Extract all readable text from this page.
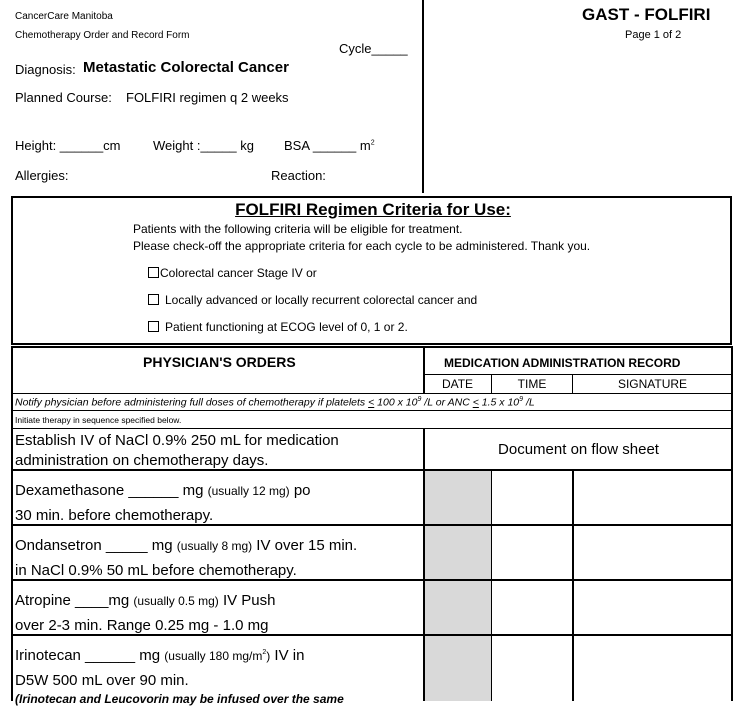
CancerCare Manitoba
Chemotherapy Order and Record Form
Cycle_____
Diagnosis: Metastatic Colorectal Cancer
Planned Course: FOLFIRI regimen q 2 weeks
Height: ______cm Weight :_____ kg BSA ______ $m^2$
Allergies:	Reaction:
GAST - FOLFIRI
Page 1 of 2
FOLFIRI Regimen Criteria for Use:
Patients with the following criteria will be eligible for treatment.
Please check-off the appropriate criteria for each cycle to be administered. Thank you.
Colorectal cancer Stage IV or
Locally advanced or locally recurrent colorectal cancer and
Patient functioning at ECOG level of 0, 1 or 2.
PHYSICIAN'S ORDERS	MEDICATION ADMINISTRATION RECORD
DATE	TIME	SIGNATURE
Notify physician before administering full doses of chemotherapy if platelets < 100 x $10^9$ /L or ANC < 1.5 x $10^9$ /L
Initiate therapy in sequence specified below.
Establish IV of NaCl 0.9% 250 mL for medication
administration on chemotherapy days.
Document on flow sheet
Dexamethasone ______ mg (usually 12 mg) po
30 min. before chemotherapy.
Ondansetron _____ mg (usually 8 mg) IV over 15 min.
in NaCl 0.9% 50 mL before chemotherapy.
Atropine ____mg (usually 0.5 mg) IV Push
over 2-3 min. Range 0.25 mg - 1.0 mg
Irinotecan ______ mg (usually 180 $mg/m^2$) IV in
D5W 500 mL over 90 min.
(Irinotecan and Leucovorin may be infused over the same
